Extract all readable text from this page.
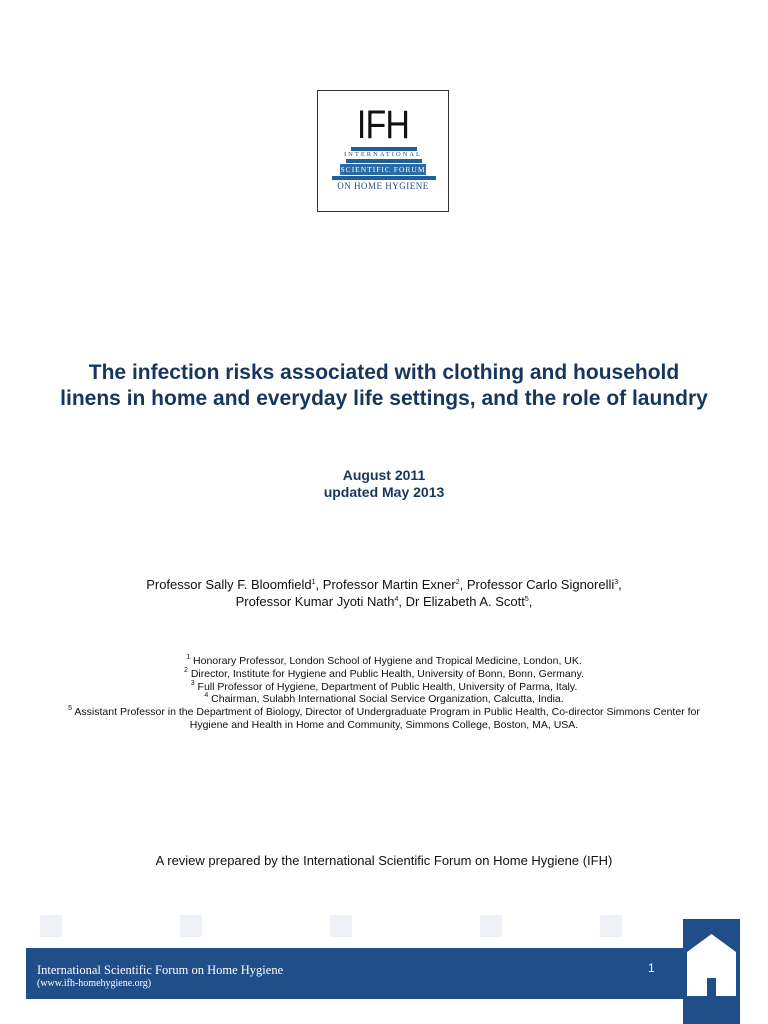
IFH
INTERNATIONAL
SCIENTIFIC FORUM
ON HOME HYGIENE
The infection risks associated with clothing and household linens in home and everyday life settings, and the role of laundry
August 2011
updated May 2013
Professor Sally F. Bloomfield$^1$, Professor Martin Exner$^2$, Professor Carlo Signorelli$^3$,
Professor Kumar Jyoti Nath$^4$, Dr Elizabeth A. Scott$^5$,
$^1$ Honorary Professor, London School of Hygiene and Tropical Medicine, London, UK.
$^2$ Director, Institute for Hygiene and Public Health, University of Bonn, Bonn, Germany.
$^3$ Full Professor of Hygiene, Department of Public Health, University of Parma, Italy.
$^4$ Chairman, Sulabh International Social Service Organization, Calcutta, India.
$^5$ Assistant Professor in the Department of Biology, Director of Undergraduate Program in Public Health, Co-director Simmons Center for Hygiene and Health in Home and Community, Simmons College, Boston, MA, USA.
A review prepared by the International Scientific Forum on Home Hygiene (IFH)
International Scientific Forum on Home Hygiene
(www.ifh-homehygiene.org)
1
